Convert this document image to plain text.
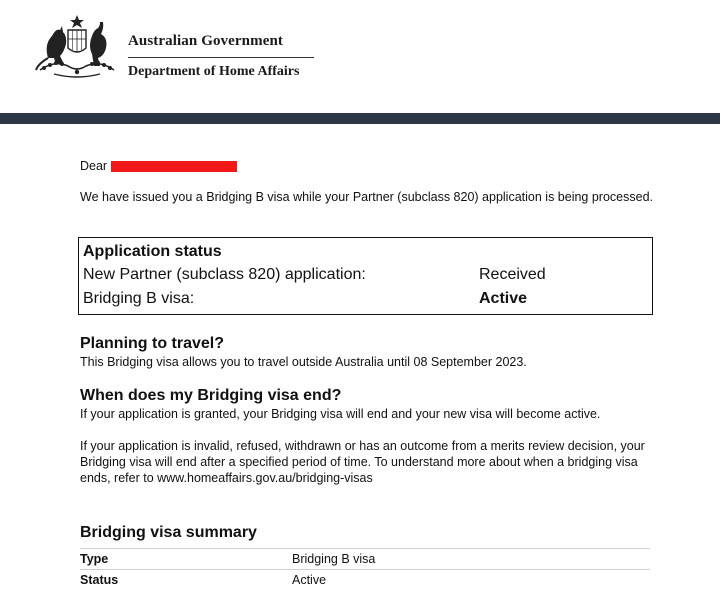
Australian Government
Department of Home Affairs
Dear
We have issued you a Bridging B visa while your Partner (subclass 820) application is being processed.
Application status
New Partner (subclass 820) application:	Received
Bridging B visa:	Active
Planning to travel?
This Bridging visa allows you to travel outside Australia until 08 September 2023.
When does my Bridging visa end?
If your application is granted, your Bridging visa will end and your new visa will become active.
If your application is invalid, refused, withdrawn or has an outcome from a merits review decision, your Bridging visa will end after a specified period of time. To understand more about when a bridging visa ends, refer to www.homeaffairs.gov.au/bridging-visas
Bridging visa summary
Type	Bridging B visa
Status	Active
